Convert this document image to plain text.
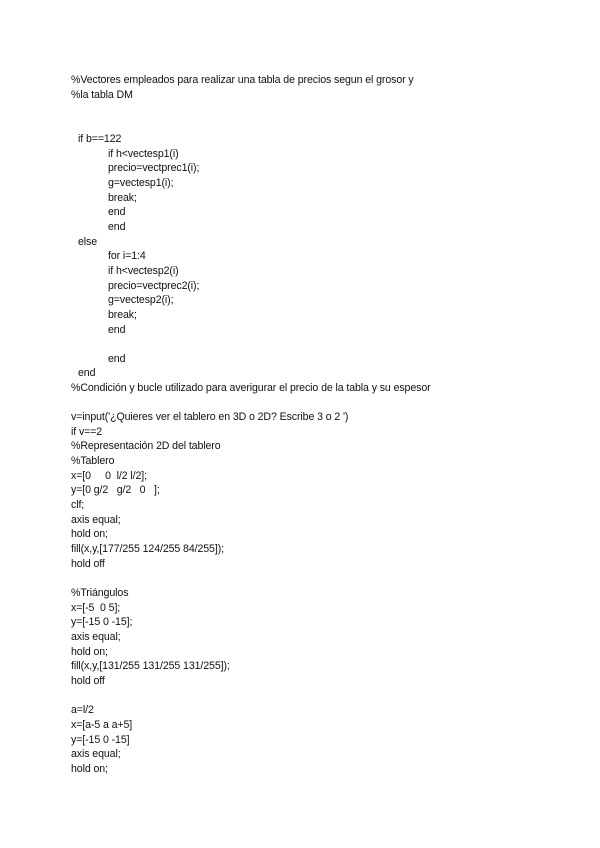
%Vectores empleados para realizar una tabla de precios segun el grosor y
%la tabla DM
if b==122
if h<vectesp1(i)
precio=vectprec1(i);
g=vectesp1(i);
break;
end
end
else
for i=1:4
if h<vectesp2(i)
precio=vectprec2(i);
g=vectesp2(i);
break;
end
end
end
%Condición y bucle utilizado para averigurar el precio de la tabla y su espesor
v=input('¿Quieres ver el tablero en 3D o 2D? Escribe 3 o 2 ')
if v==2
%Representación 2D del tablero
%Tablero
x=[0     0  l/2 l/2];
y=[0 g/2   g/2   0   ];
clf;
axis equal;
hold on;
fill(x,y,[177/255 124/255 84/255]);
hold off
%Triángulos
x=[-5  0 5];
y=[-15 0 -15];
axis equal;
hold on;
fill(x,y,[131/255 131/255 131/255]);
hold off
a=l/2
x=[a-5 a a+5]
y=[-15 0 -15]
axis equal;
hold on;
